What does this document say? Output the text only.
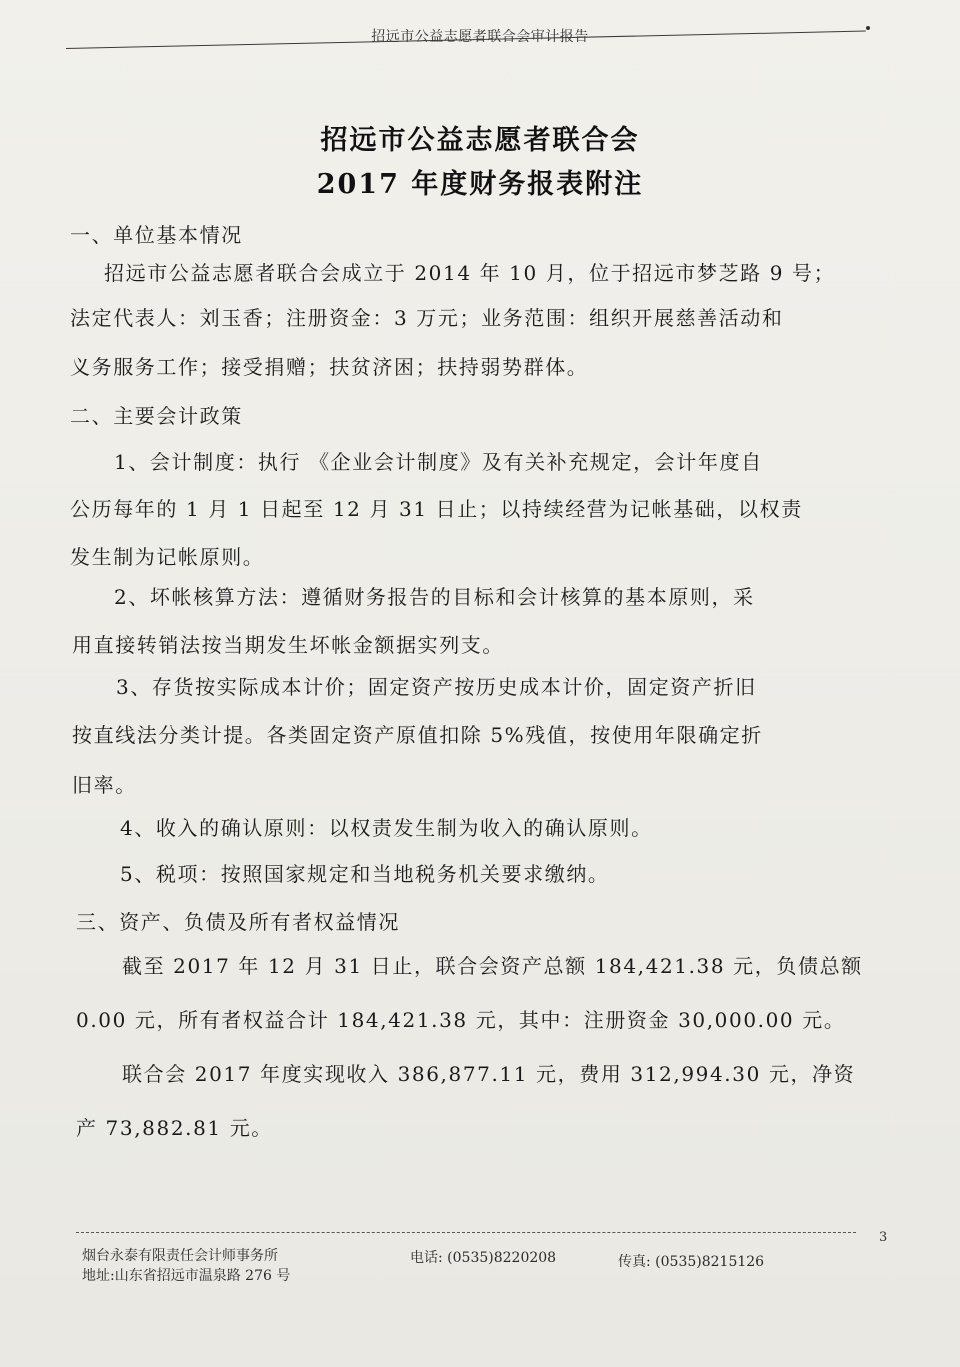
招远市公益志愿者联合会审计报告
招远市公益志愿者联合会
2017 年度财务报表附注
一、单位基本情况
招远市公益志愿者联合会成立于 2014 年 10 月，位于招远市梦芝路 9 号；
法定代表人：刘玉香；注册资金：3 万元；业务范围：组织开展慈善活动和
义务服务工作；接受捐赠；扶贫济困；扶持弱势群体。
二、主要会计政策
1、会计制度：执行 《企业会计制度》及有关补充规定，会计年度自
公历每年的 1 月 1 日起至 12 月 31 日止；以持续经营为记帐基础，以权责
发生制为记帐原则。
2、坏帐核算方法：遵循财务报告的目标和会计核算的基本原则，采
用直接转销法按当期发生坏帐金额据实列支。
3、存货按实际成本计价；固定资产按历史成本计价，固定资产折旧
按直线法分类计提。各类固定资产原值扣除 5%残值，按使用年限确定折
旧率。
4、收入的确认原则：以权责发生制为收入的确认原则。
5、税项：按照国家规定和当地税务机关要求缴纳。
三、资产、负债及所有者权益情况
截至 2017 年 12 月 31 日止，联合会资产总额 184,421.38 元，负债总额
0.00 元，所有者权益合计 184,421.38 元，其中：注册资金 30,000.00 元。
联合会 2017 年度实现收入 386,877.11 元，费用 312,994.30 元，净资
产 73,882.81 元。
3
烟台永泰有限责任会计师事务所
地址:山东省招远市温泉路 276 号
电话: (0535)8220208	传真: (0535)8215126
